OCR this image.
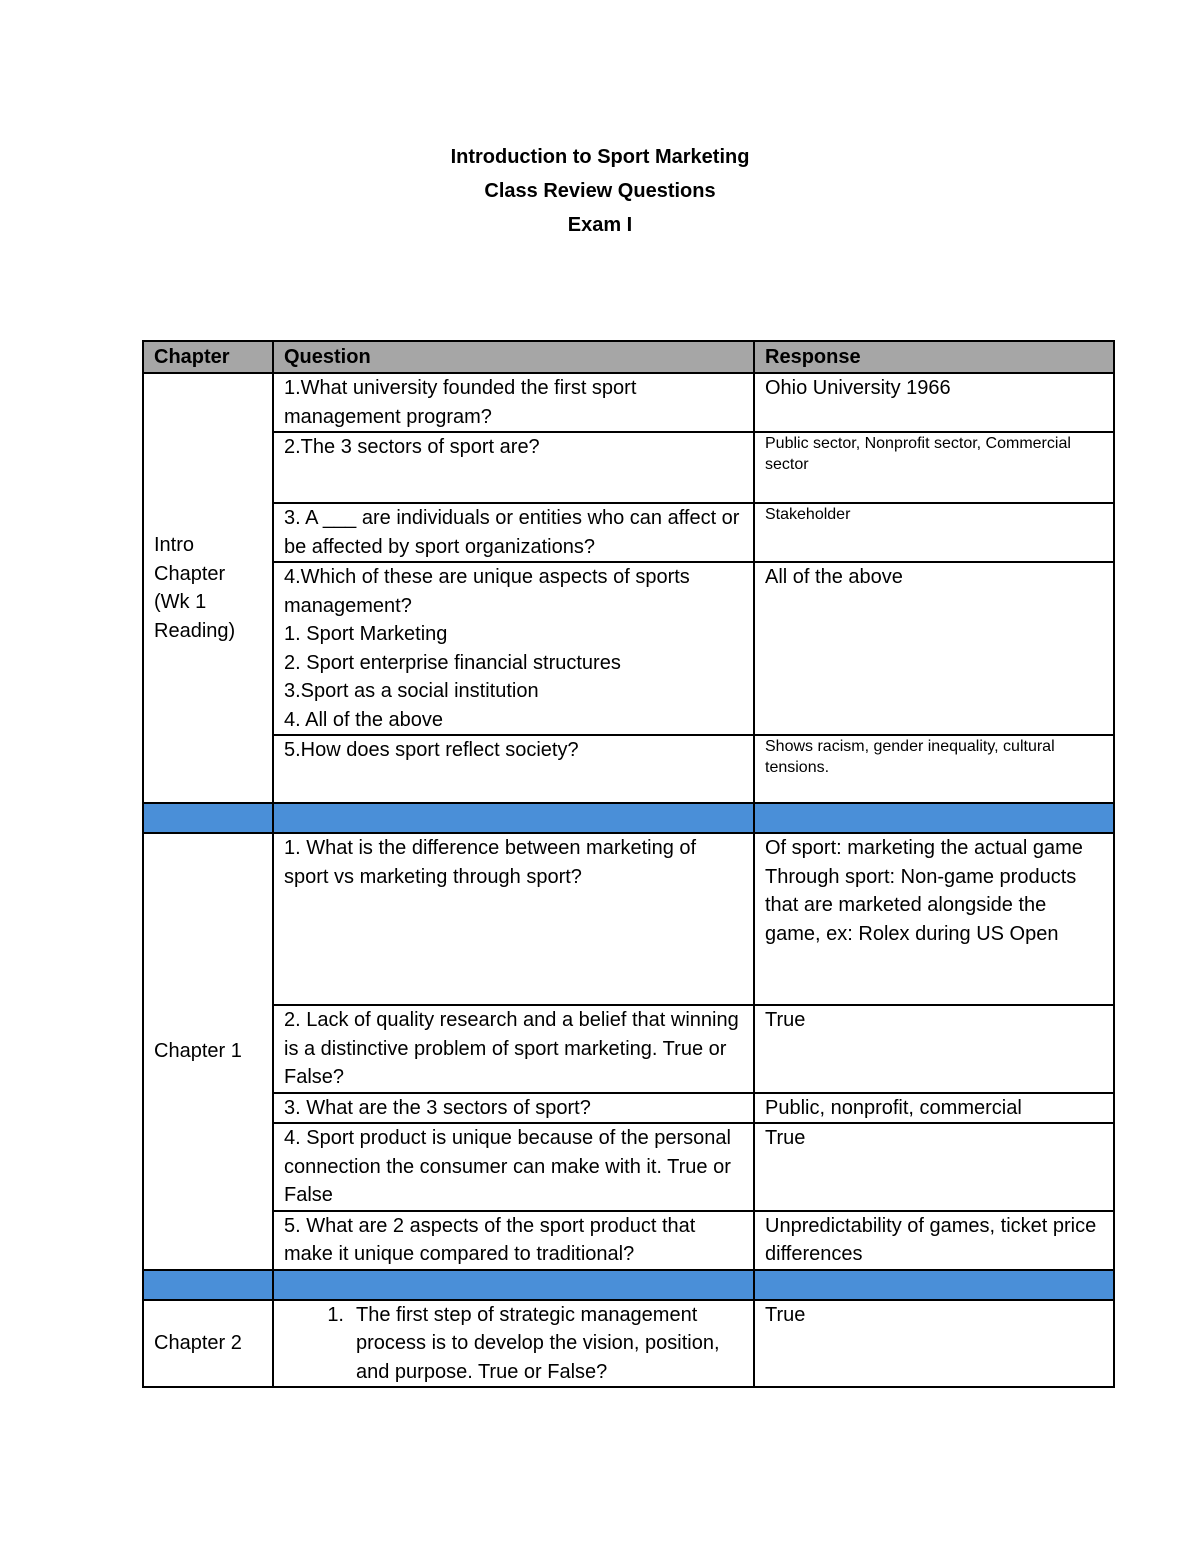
Introduction to Sport Marketing
Class Review Questions
Exam I
Chapter	Question	Response
Intro Chapter (Wk 1 Reading)	1.What university founded the first sport management program?	Ohio University 1966
	2.The 3 sectors of sport are?	Public sector, Nonprofit sector, Commercial sector
	3. A ___ are individuals or entities who can affect or be affected by sport organizations?	Stakeholder

	4.Which of these are unique aspects of sports management?
1. Sport Marketing
2. Sport enterprise financial structures
3.Sport as a social institution
4. All of the above	All of the above
	5.How does sport reflect society?	Shows racism, gender inequality, cultural tensions.

Chapter 1	1. What is the difference between marketing of sport vs marketing through sport?	Of sport: marketing the actual game
Through sport: Non-game products that are marketed alongside the game, ex: Rolex during US Open

	2. Lack of quality research and a belief that winning is a distinctive problem of sport marketing. True or False?	True
	3. What are the 3 sectors of sport?	Public, nonprofit, commercial
	4. Sport product is unique because of the personal connection the consumer can make with it. True or False	True
	5. What are 2 aspects of the sport product that make it unique compared to traditional?	Unpredictability of games, ticket price differences

Chapter 2	1. The first step of strategic management process is to develop the vision, position, and purpose. True or False?	True
